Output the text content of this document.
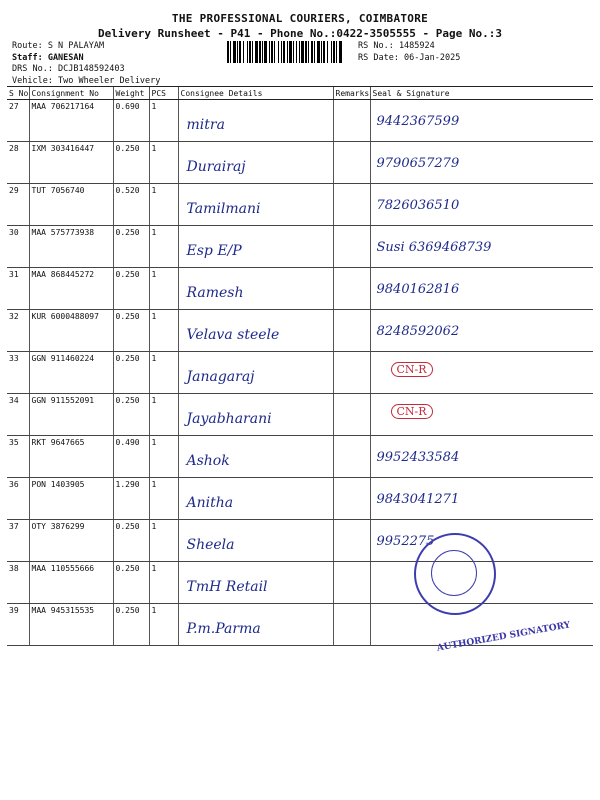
THE PROFESSIONAL COURIERS, COIMBATORE
Delivery Runsheet - P41 - Phone No.:0422-3505555 - Page No.:3
Route: S N PALAYAM
Staff: GANESAN
DRS No.: DCJB148592403
Vehicle: Two Wheeler Delivery
RS No.: 1485924
RS Date: 06-Jan-2025
S No	Consignment No	Weight	PCS	Consignee Details	Remarks	Seal & Signature
27	MAA 706217164	0.690	1	mitra		9442367599

28	IXM 303416447	0.250	1	Durairaj		9790657279

29	TUT 7056740	0.520	1	Tamilmani		7826036510

30	MAA 575773938	0.250	1	Esp E/P		Susi 6369468739

31	MAA 868445272	0.250	1	Ramesh		9840162816

32	KUR 6000488097	0.250	1	Velava steele		8248592062

33	GGN 911460224	0.250	1	Janagaraj		CN-R

34	GGN 911552091	0.250	1	Jayabharani		CN-R

35	RKT 9647665	0.490	1	Ashok		9952433584

36	PON 1403905	1.290	1	Anitha		9843041271

37	OTY 3876299	0.250	1	Sheela		9952275

38	MAA 110555666	0.250	1	TmH Retail		

39	MAA 945315535	0.250	1	P.m.Parma		
			AUTHORIZED SIGNATORY
